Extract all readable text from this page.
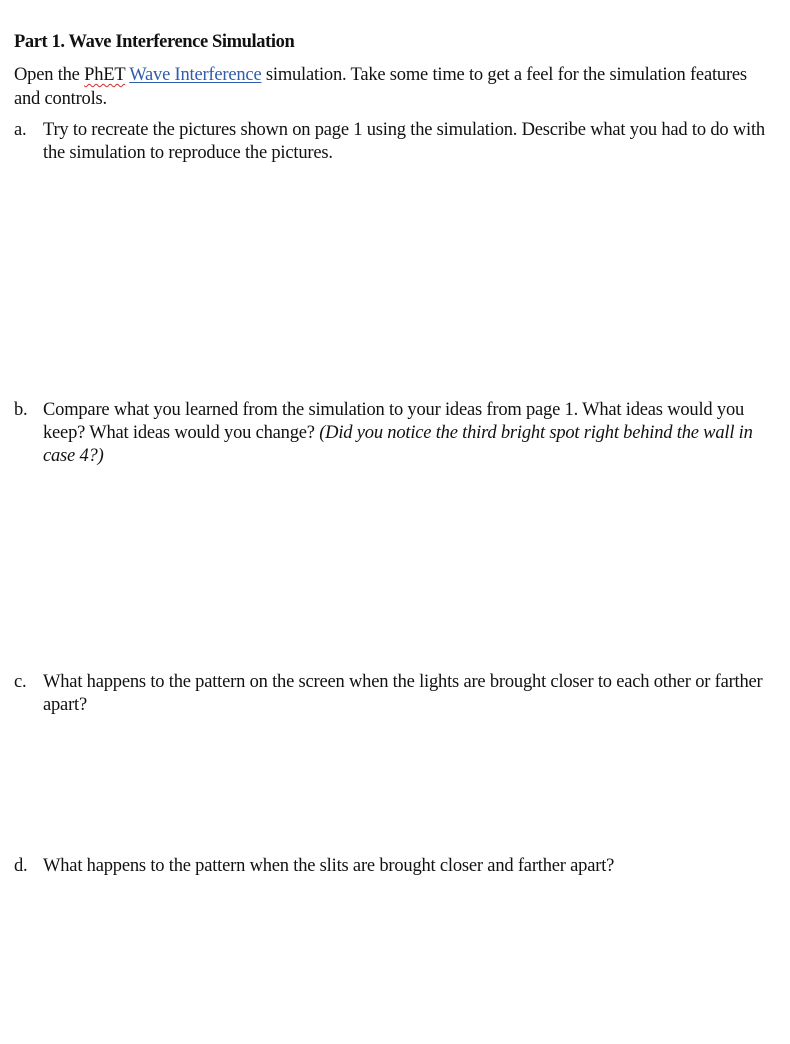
Part 1. Wave Interference Simulation

Open the PhET Wave Interference simulation. Take some time to get a feel for the simulation features and controls.

a. Try to recreate the pictures shown on page 1 using the simulation. Describe what you had to do with the simulation to reproduce the pictures.
b. Compare what you learned from the simulation to your ideas from page 1. What ideas would you keep? What ideas would you change? (Did you notice the third bright spot right behind the wall in case 4?)
c. What happens to the pattern on the screen when the lights are brought closer to each other or farther apart?
d. What happens to the pattern when the slits are brought closer and farther apart?
